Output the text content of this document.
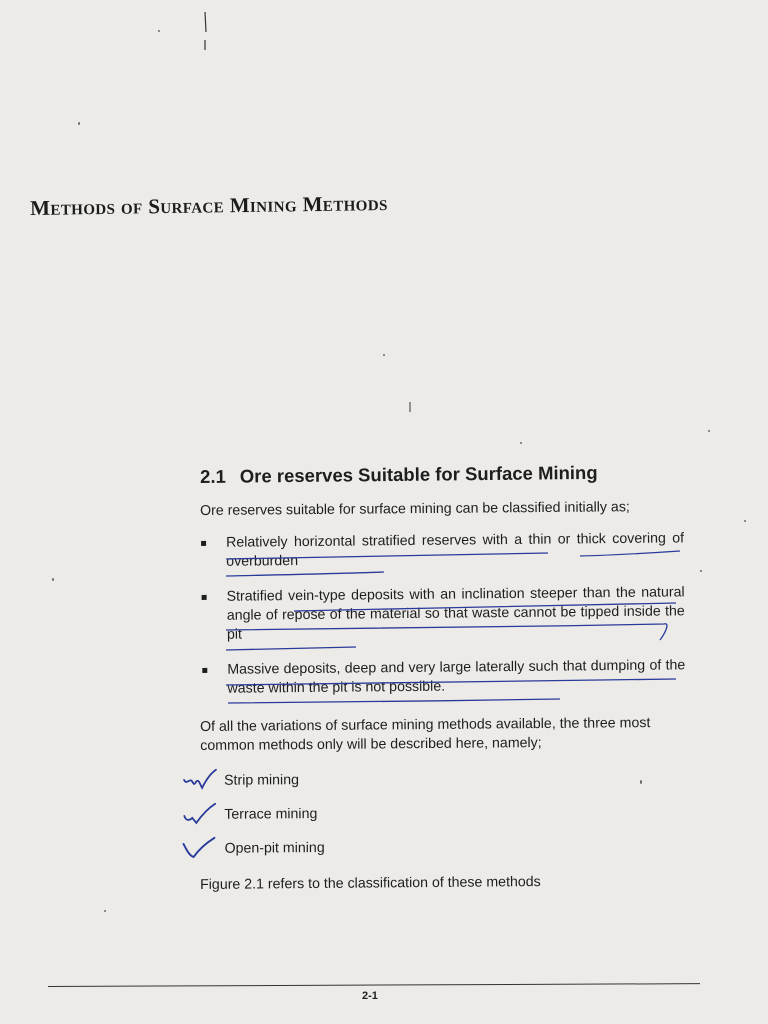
Methods of Surface Mining Methods
2.1 Ore reserves Suitable for Surface Mining
Ore reserves suitable for surface mining can be classified initially as;
Relatively horizontal stratified reserves with a thin or thick covering of overburden
Stratified vein-type deposits with an inclination steeper than the natural angle of repose of the material so that waste cannot be tipped inside the pit
Massive deposits, deep and very large laterally such that dumping of the waste within the pit is not possible.
Of all the variations of surface mining methods available, the three most common methods only will be described here, namely;
Strip mining
Terrace mining
Open-pit mining
Figure 2.1 refers to the classification of these methods
2-1
